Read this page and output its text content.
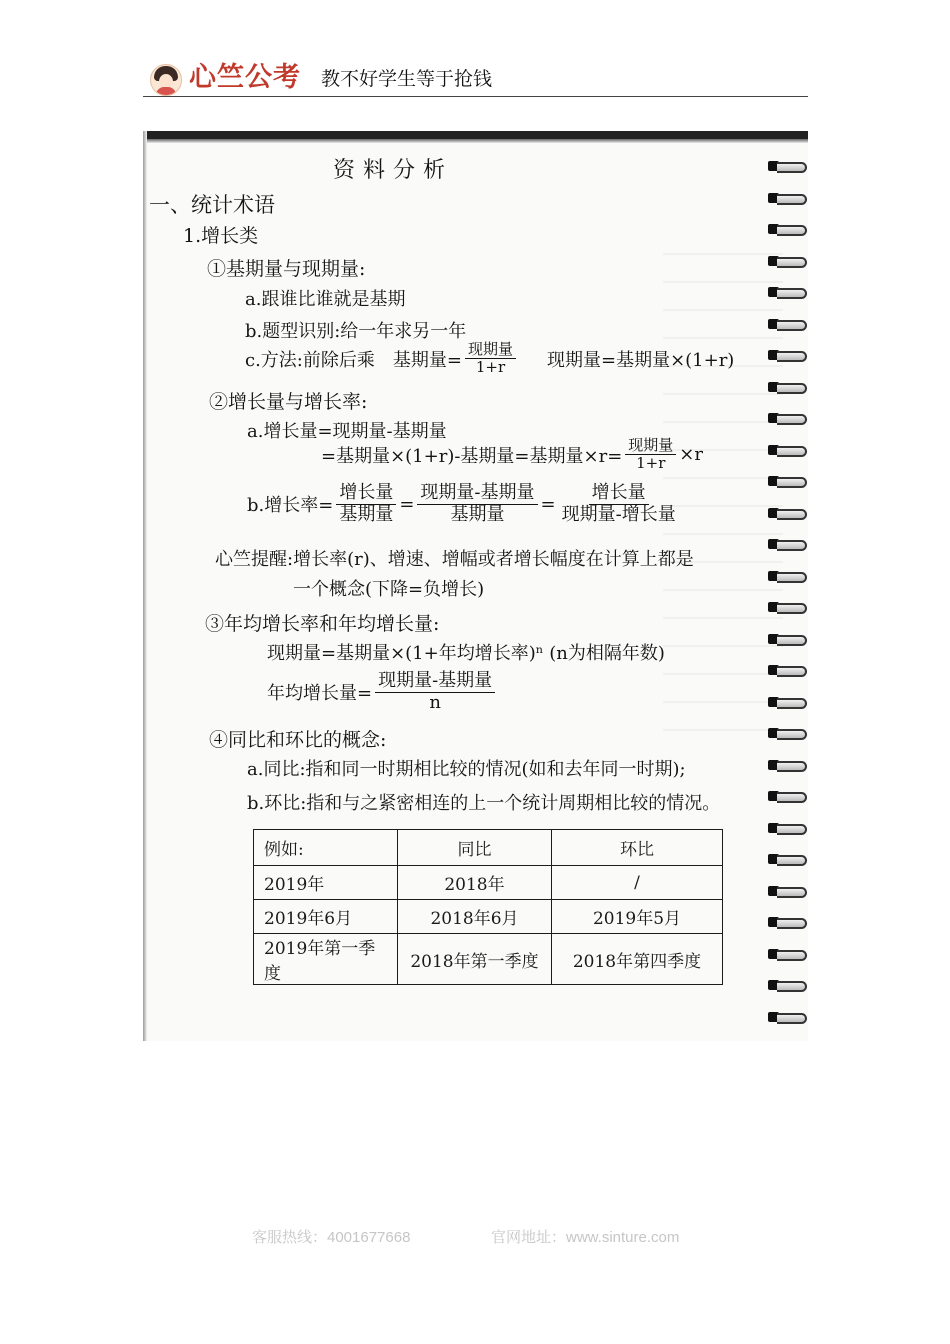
心竺公考 教不好学生等于抢钱
资料分析
一、统计术语
1.增长类
①基期量与现期量:
a.跟谁比谁就是基期
b.题型识别:给一年求另一年
c.方法:前除后乘 基期量= $\frac{\text{现期量}}{1+r}$ 现期量=基期量×(1+r)
②增长量与增长率:
a.增长量=现期量-基期量
=基期量×(1+r)-基期量=基期量$\times r= \frac{\text{现期量}}{1+r} \times r$
b.增长率= $\frac{\text{增长量}}{\text{基期量}} = \frac{\text{现期量-基期量}}{\text{基期量}} = \frac{\text{增长量}}{\text{现期量-增长量}}$
心竺提醒:增长率(r)、增速、增幅或者增长幅度在计算上都是
一个概念(下降=负增长)
③年均增长率和年均增长量:
现期量=基期量×(1+年均增长率)ⁿ (n为相隔年数)
年均增长量= $\frac{\text{现期量-基期量}}{n}$
④同比和环比的概念:
a.同比:指和同一时期相比较的情况(如和去年同一时期);
b.环比:指和与之紧密相连的上一个统计周期相比较的情况。
例如:	同比	环比
2019年	2018年	/
2019年6月	2018年6月	2019年5月
2019年第一季度	2018年第一季度	2018年第四季度
客服热线：4001677668	官网地址：www.sinture.com
